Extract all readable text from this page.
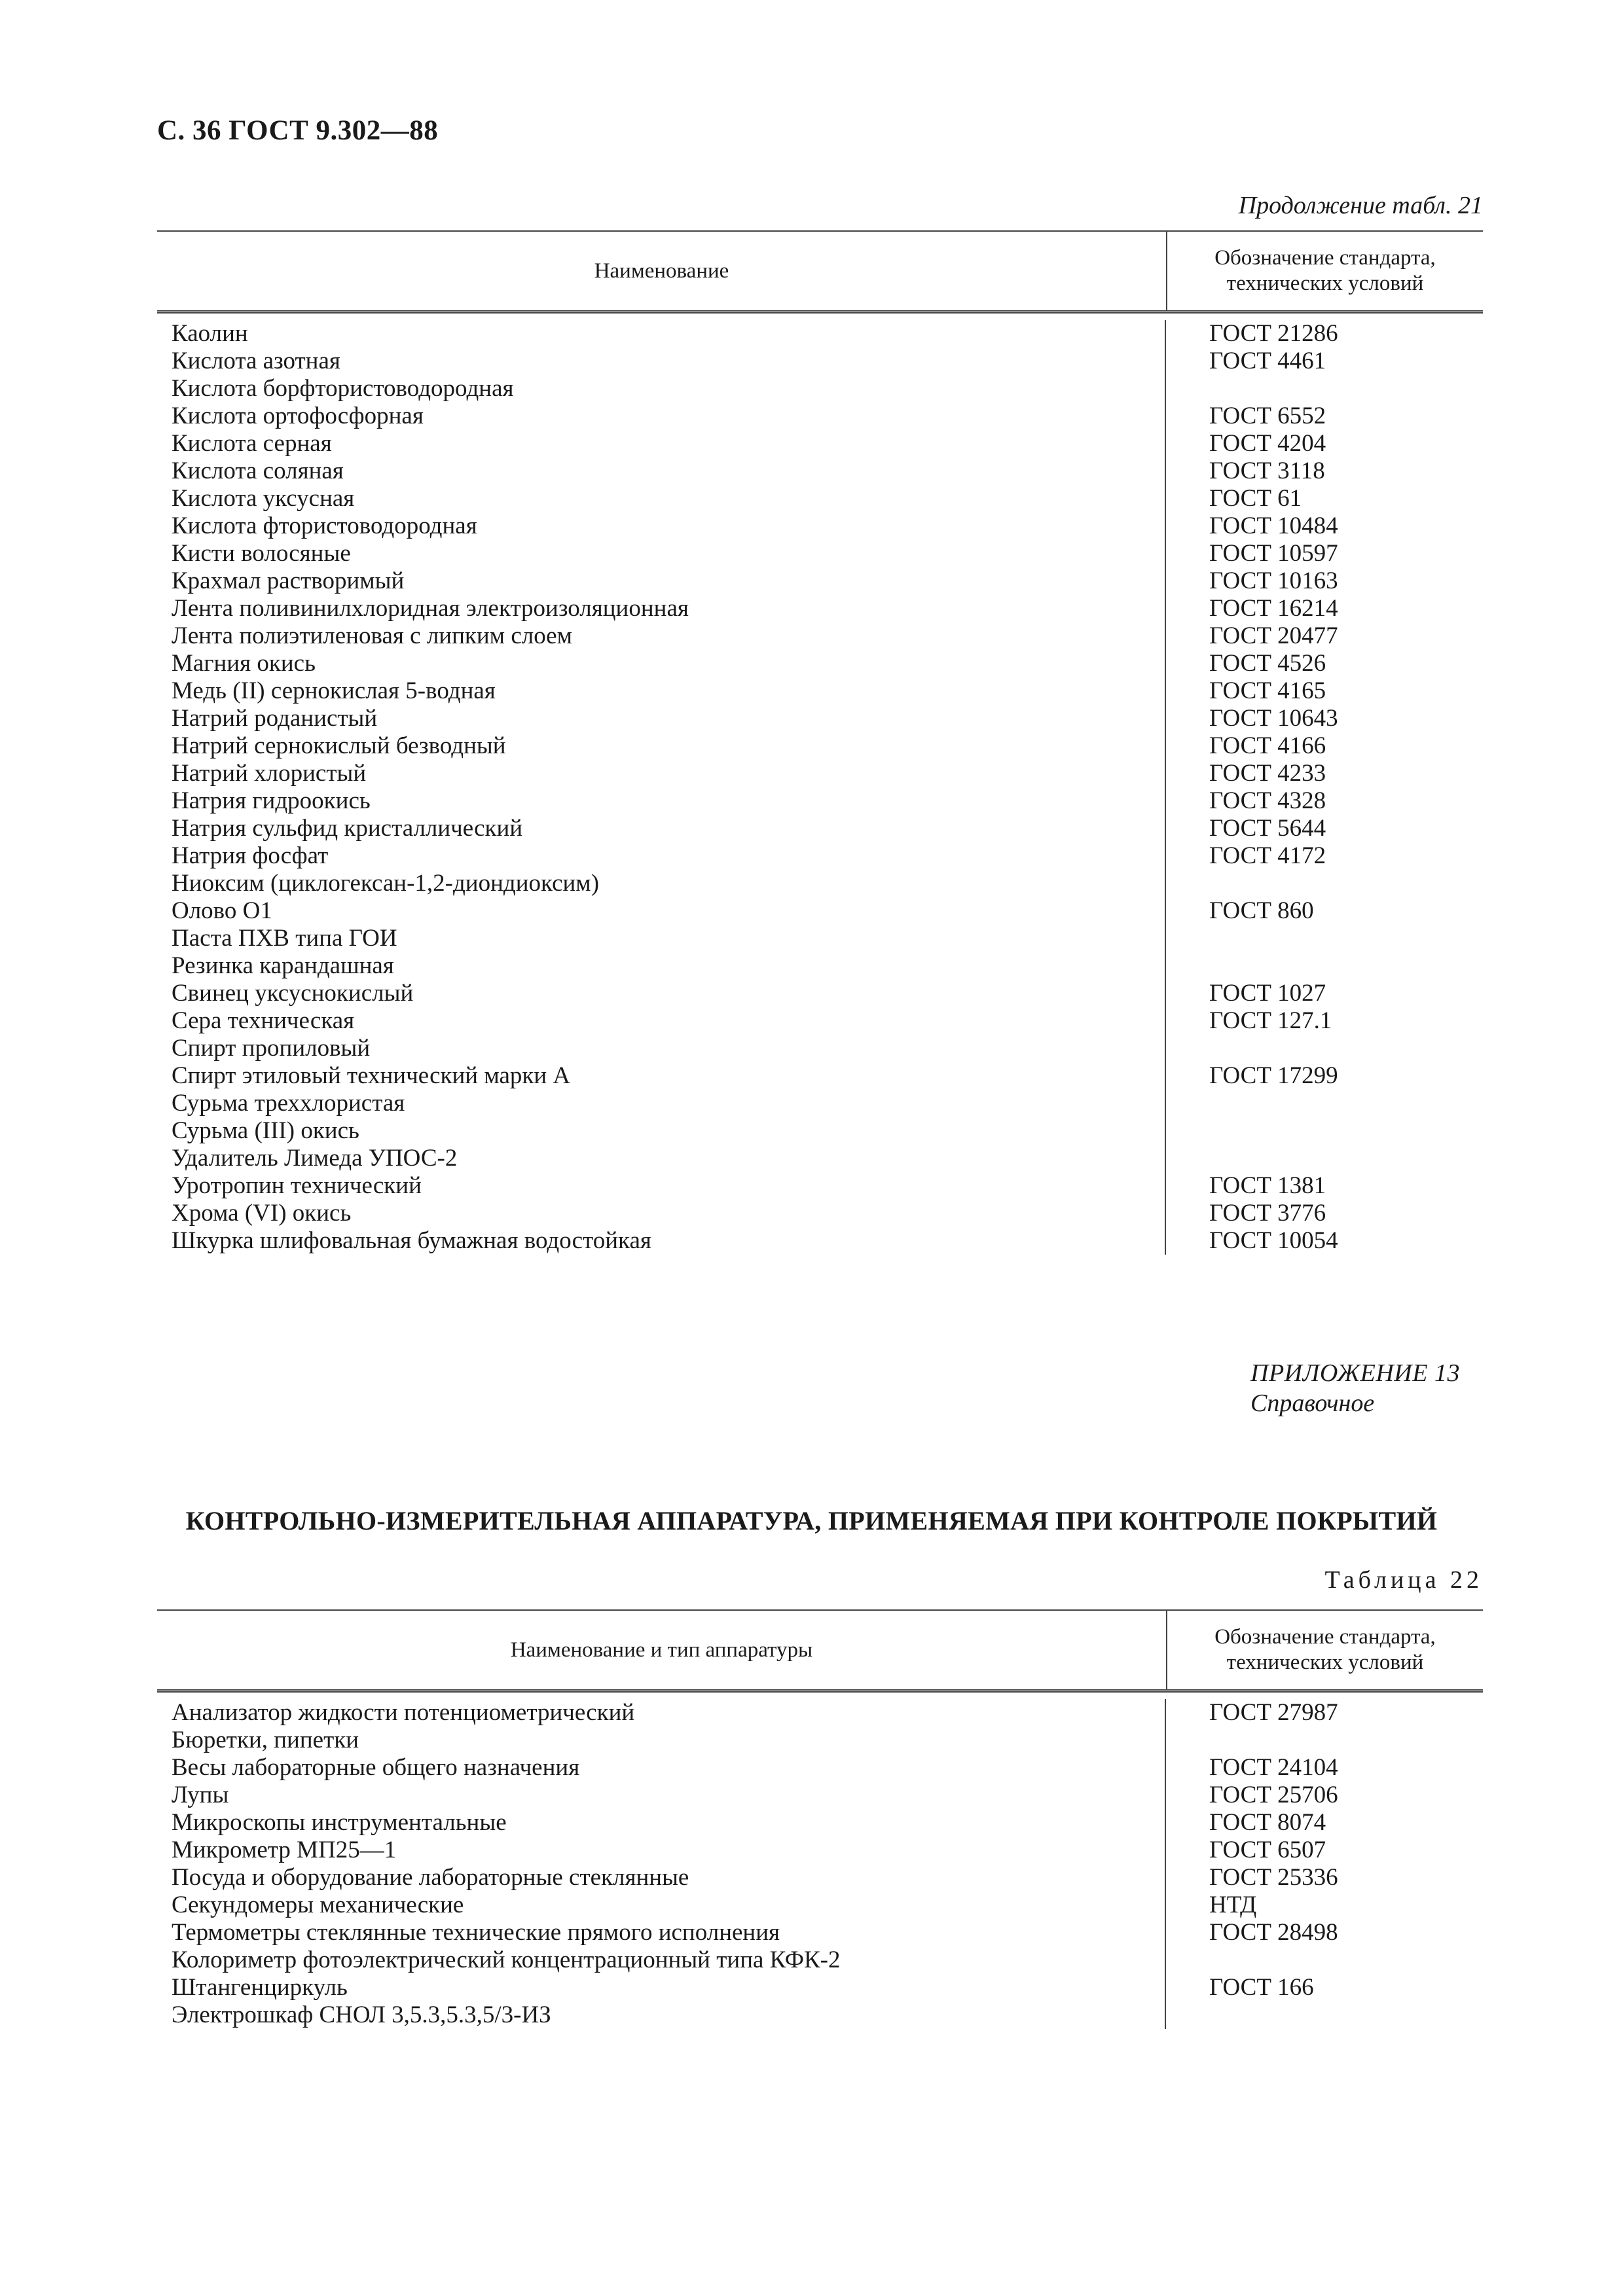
С. 36 ГОСТ 9.302—88
Продолжение табл. 21
Наименование
Обозначение стандарта,
технических условий
Каолин	ГОСТ 21286
Кислота азотная	ГОСТ 4461
Кислота борфтористоводородная
Кислота ортофосфорная	ГОСТ 6552
Кислота серная	ГОСТ 4204
Кислота соляная	ГОСТ 3118
Кислота уксусная	ГОСТ 61
Кислота фтористоводородная	ГОСТ 10484
Кисти волосяные	ГОСТ 10597
Крахмал растворимый	ГОСТ 10163
Лента поливинилхлоридная электроизоляционная	ГОСТ 16214
Лента полиэтиленовая с липким слоем	ГОСТ 20477
Магния окись	ГОСТ 4526
Медь (II) сернокислая 5-водная	ГОСТ 4165
Натрий роданистый	ГОСТ 10643
Натрий сернокислый безводный	ГОСТ 4166
Натрий хлористый	ГОСТ 4233
Натрия гидроокись	ГОСТ 4328
Натрия сульфид кристаллический	ГОСТ 5644
Натрия фосфат	ГОСТ 4172
Ниоксим (циклогексан-1,2-диондиоксим)
Олово О1	ГОСТ 860
Паста ПХВ типа ГОИ
Резинка карандашная
Свинец уксуснокислый	ГОСТ 1027
Сера техническая	ГОСТ 127.1
Спирт пропиловый
Спирт этиловый технический марки А	ГОСТ 17299
Сурьма треххлористая
Сурьма (III) окись
Удалитель Лимеда УПОС-2
Уротропин технический	ГОСТ 1381
Хрома (VI) окись	ГОСТ 3776
Шкурка шлифовальная бумажная водостойкая	ГОСТ 10054
ПРИЛОЖЕНИЕ 13
Справочное
КОНТРОЛЬНО-ИЗМЕРИТЕЛЬНАЯ АППАРАТУРА, ПРИМЕНЯЕМАЯ ПРИ КОНТРОЛЕ ПОКРЫТИЙ
Таблица 22
Наименование и тип аппаратуры
Обозначение стандарта,
технических условий
Анализатор жидкости потенциометрический	ГОСТ 27987
Бюретки, пипетки
Весы лабораторные общего назначения	ГОСТ 24104
Лупы	ГОСТ 25706
Микроскопы инструментальные	ГОСТ 8074
Микрометр МП25—1	ГОСТ 6507
Посуда и оборудование лабораторные стеклянные	ГОСТ 25336
Секундомеры механические	НТД
Термометры стеклянные технические прямого исполнения	ГОСТ 28498
Колориметр фотоэлектрический концентрационный типа КФК-2
Штангенциркуль	ГОСТ 166
Электрошкаф СНОЛ 3,5.3,5.3,5/3-ИЗ
